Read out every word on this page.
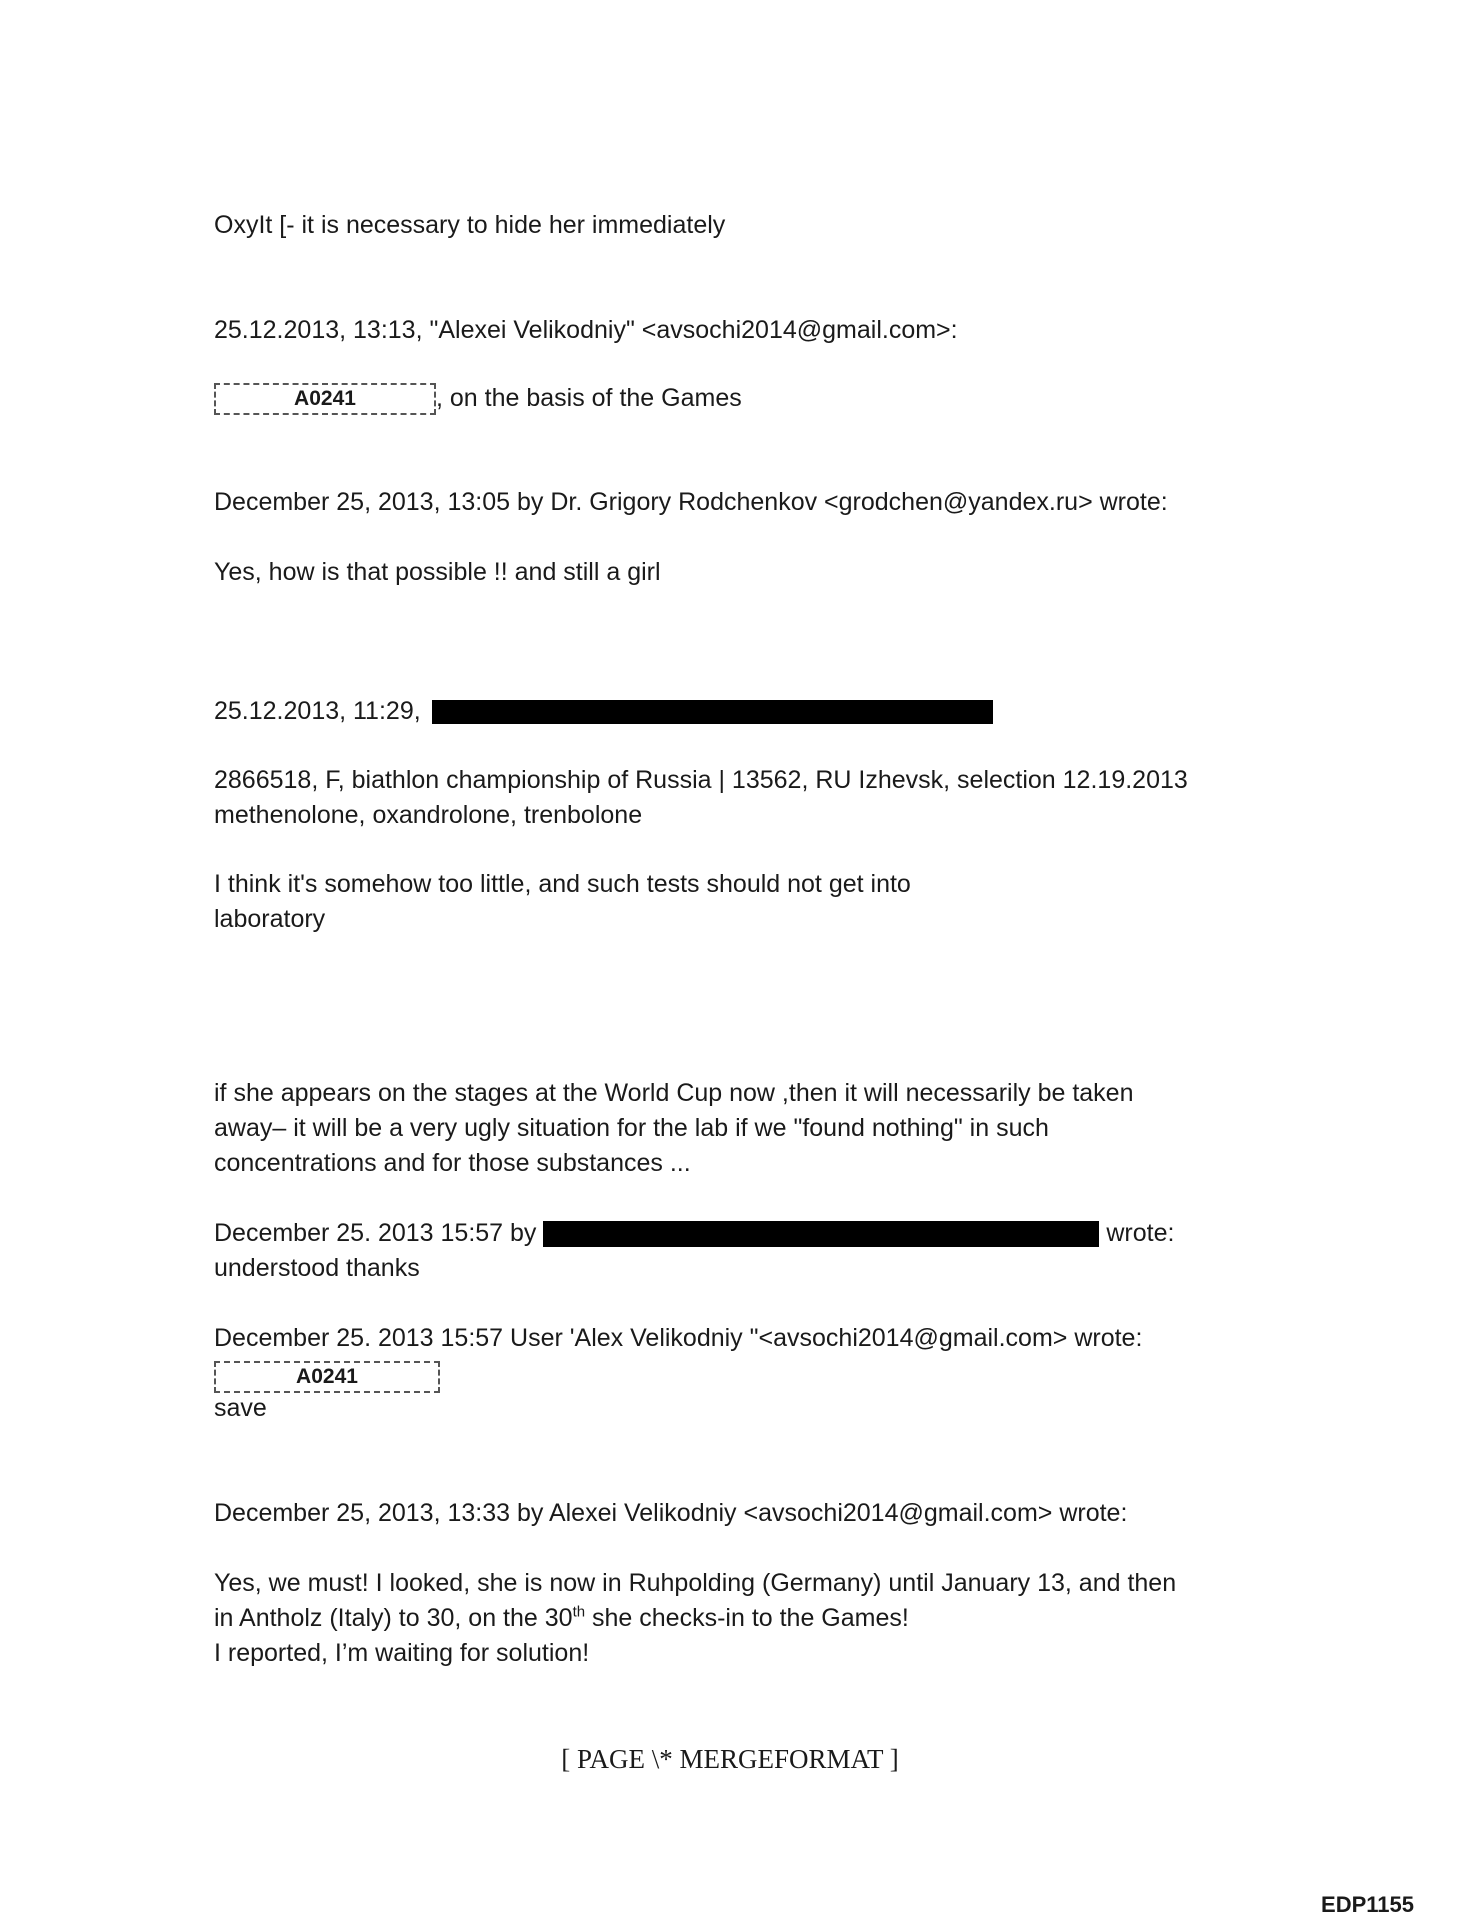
OxyIt [- it is necessary to hide her immediately
25.12.2013, 13:13, "Alexei Velikodniy" <avsochi2014@gmail.com>:
A0241	, on the basis of the Games
December 25, 2013, 13:05 by Dr. Grigory Rodchenkov <grodchen@yandex.ru> wrote:
Yes, how is that possible !! and still a girl
25.12.2013, 11:29,
2866518, F, biathlon championship of Russia | 13562, RU Izhevsk, selection 12.19.2013
methenolone, oxandrolone, trenbolone
I think it's somehow too little, and such tests should not get into
laboratory
if she appears on the stages at the World Cup now ,then it will necessarily be taken
away– it will be a very ugly situation for the lab if we "found nothing" in such
concentrations and for those substances ...
December 25. 2013 15:57 by	wrote:
understood thanks
December 25. 2013 15:57 User 'Alex Velikodniy "<avsochi2014@gmail.com> wrote:
A0241
save
December 25, 2013, 13:33 by Alexei Velikodniy <avsochi2014@gmail.com> wrote:
Yes, we must! I looked, she is now in Ruhpolding (Germany) until January 13, and then
in Antholz (Italy) to 30, on the 30th she checks-in to the Games!
I reported, I’m waiting for solution!
[ PAGE \* MERGEFORMAT ]
EDP1155
